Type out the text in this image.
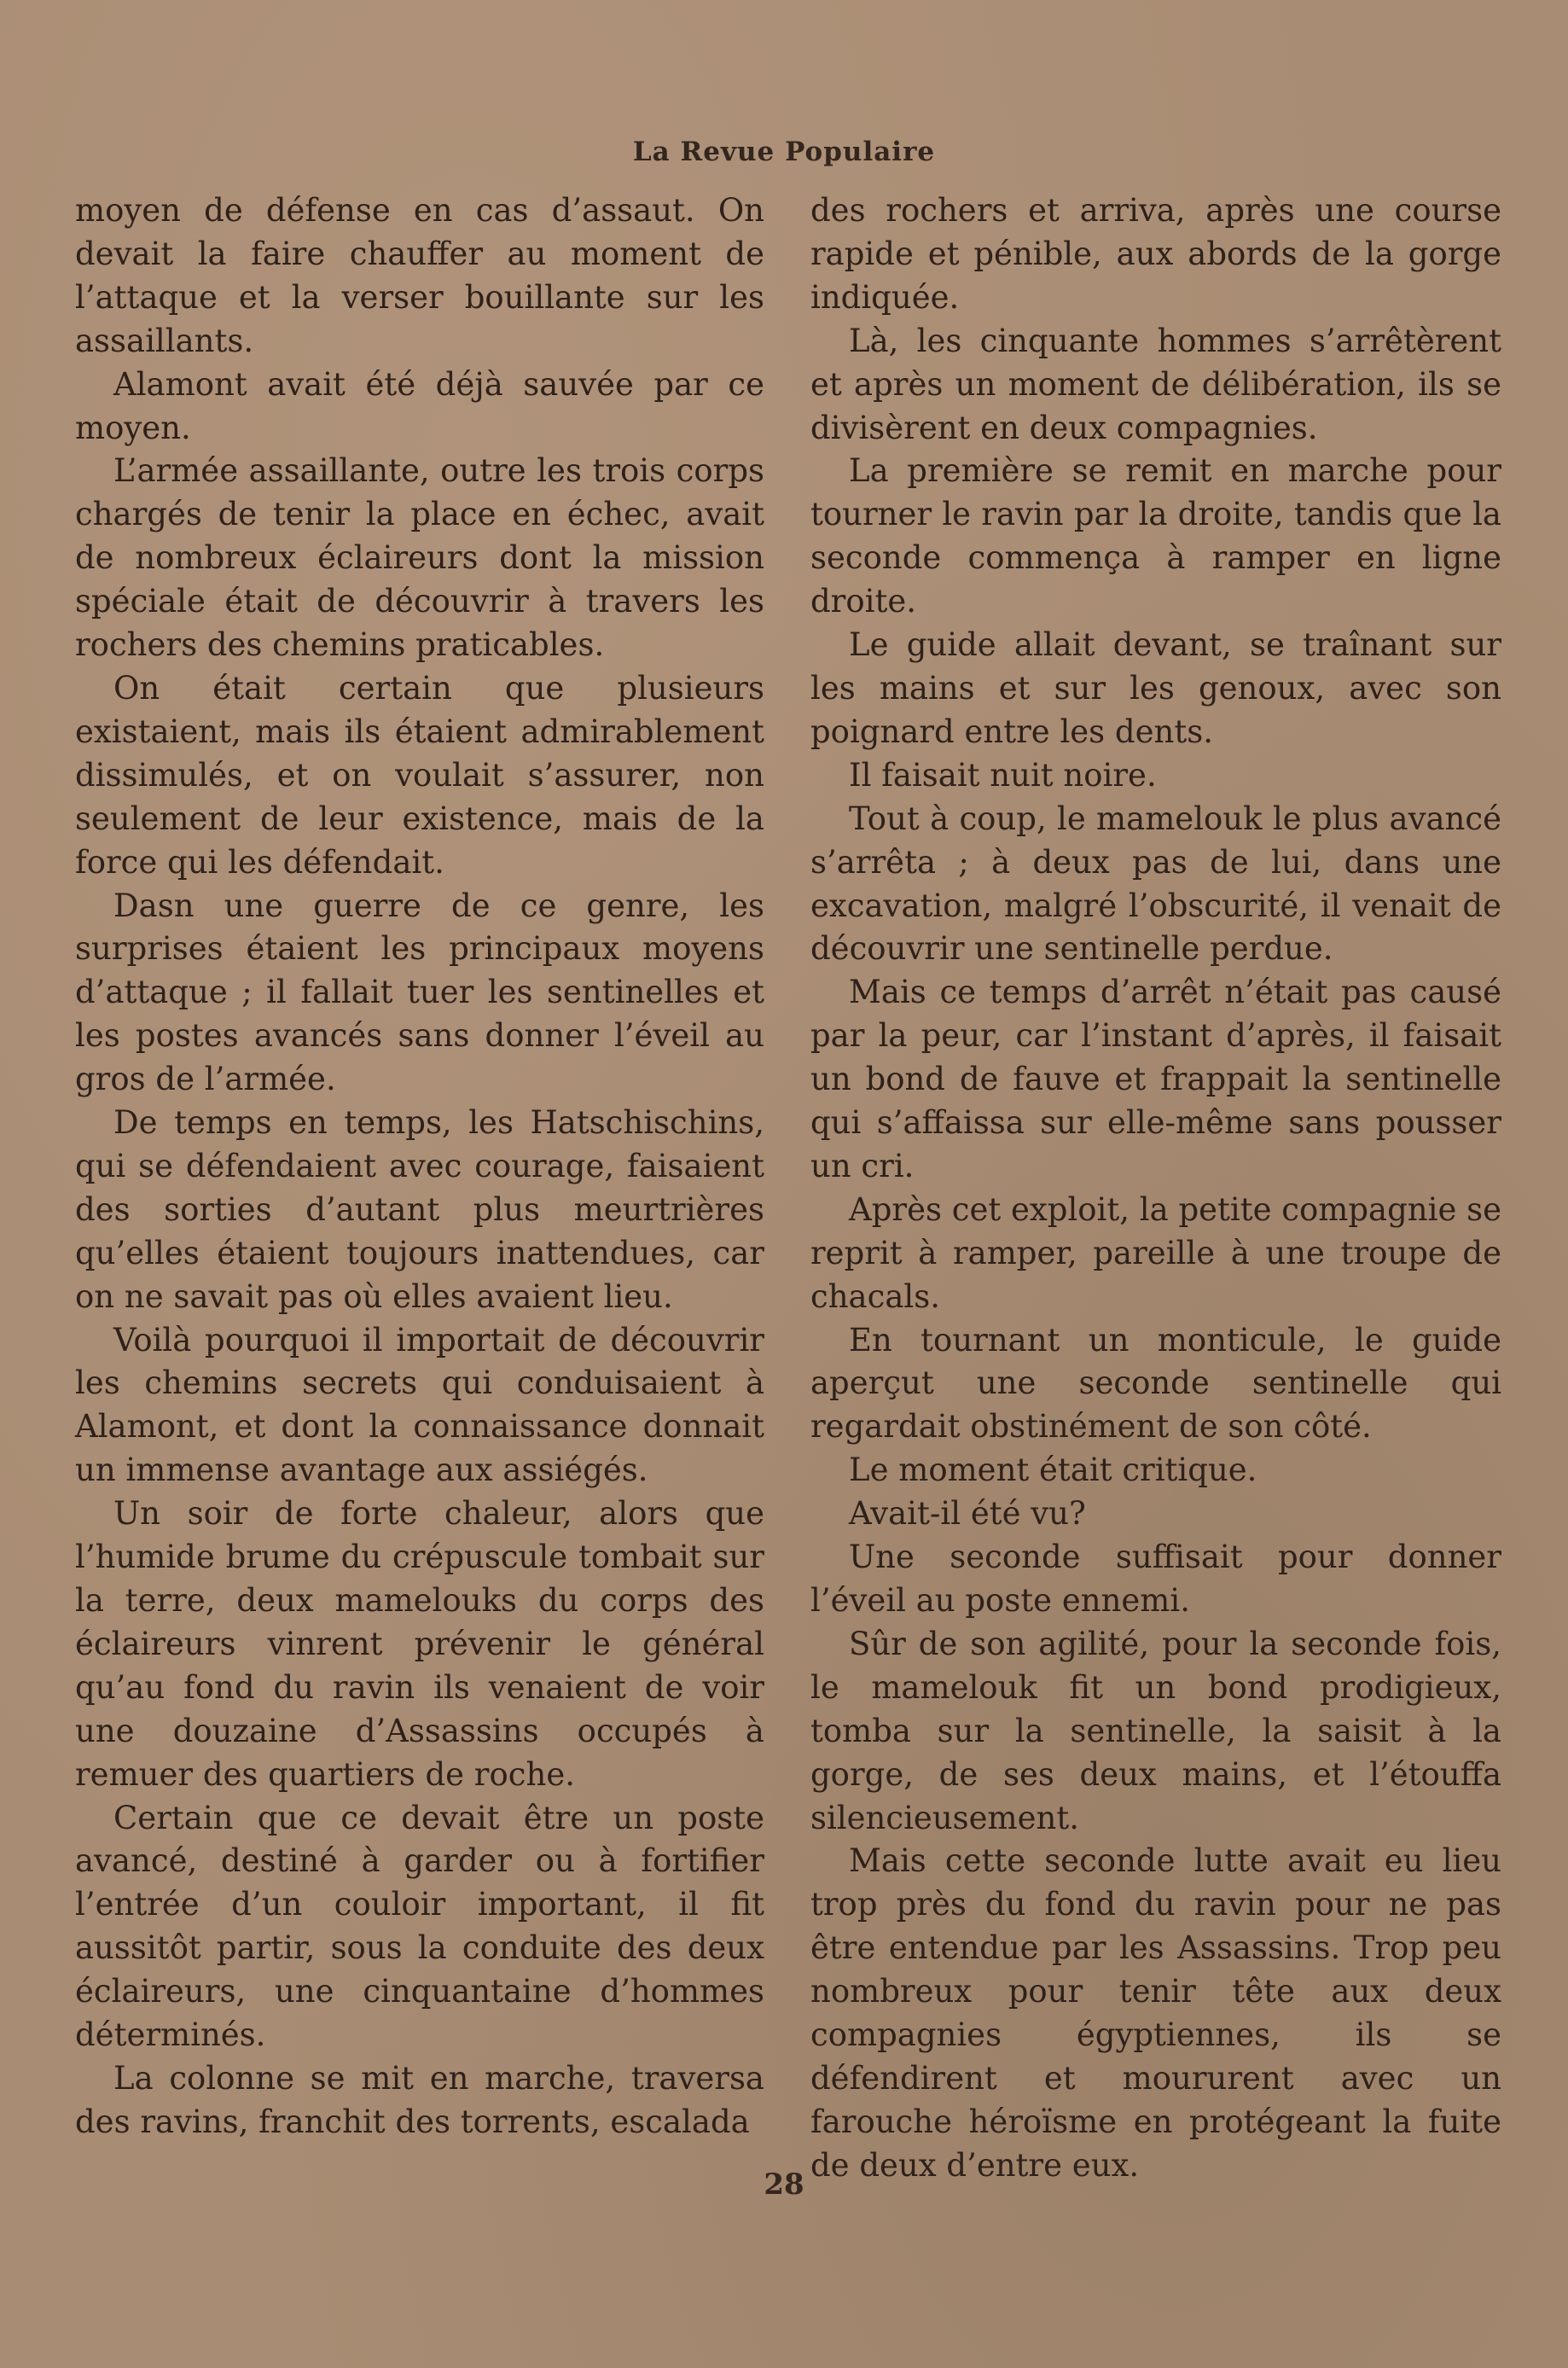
La Revue Populaire

moyen de défense en cas d’assaut. On devait la faire chauffer au moment de l’attaque et la verser bouillante sur les assaillants.

Alamont avait été déjà sauvée par ce moyen.

L’armée assaillante, outre les trois corps chargés de tenir la place en échec, avait de nombreux éclaireurs dont la mission spéciale était de découvrir à travers les rochers des chemins praticables.

On était certain que plusieurs existaient, mais ils étaient admirablement dissimulés, et on voulait s’assurer, non seulement de leur existence, mais de la force qui les défendait.

Dasn une guerre de ce genre, les surprises étaient les principaux moyens d’attaque ; il fallait tuer les sentinelles et les postes avancés sans donner l’éveil au gros de l’armée.

De temps en temps, les Hatschischins, qui se défendaient avec courage, faisaient des sorties d’autant plus meurtrières qu’elles étaient toujours inattendues, car on ne savait pas où elles avaient lieu.

Voilà pourquoi il importait de découvrir les chemins secrets qui conduisaient à Alamont, et dont la connaissance donnait un immense avantage aux assiégés.

Un soir de forte chaleur, alors que l’humide brume du crépuscule tombait sur la terre, deux mamelouks du corps des éclaireurs vinrent prévenir le général qu’au fond du ravin ils venaient de voir une douzaine d’Assassins occupés à remuer des quartiers de roche.

Certain que ce devait être un poste avancé, destiné à garder ou à fortifier l’entrée d’un couloir important, il fit aussitôt partir, sous la conduite des deux éclaireurs, une cinquantaine d’hommes déterminés.

La colonne se mit en marche, traversa des ravins, franchit des torrents, escalada

des rochers et arriva, après une course rapide et pénible, aux abords de la gorge indiquée.

Là, les cinquante hommes s’arrêtèrent et après un moment de délibération, ils se divisèrent en deux compagnies.

La première se remit en marche pour tourner le ravin par la droite, tandis que la seconde commença à ramper en ligne droite.

Le guide allait devant, se traînant sur les mains et sur les genoux, avec son poignard entre les dents.

Il faisait nuit noire.

Tout à coup, le mamelouk le plus avancé s’arrêta ; à deux pas de lui, dans une excavation, malgré l’obscurité, il venait de découvrir une sentinelle perdue.

Mais ce temps d’arrêt n’était pas causé par la peur, car l’instant d’après, il faisait un bond de fauve et frappait la sentinelle qui s’affaissa sur elle-même sans pousser un cri.

Après cet exploit, la petite compagnie se reprit à ramper, pareille à une troupe de chacals.

En tournant un monticule, le guide aperçut une seconde sentinelle qui regardait obstinément de son côté.

Le moment était critique.

Avait-il été vu?

Une seconde suffisait pour donner l’éveil au poste ennemi.

Sûr de son agilité, pour la seconde fois, le mamelouk fit un bond prodigieux, tomba sur la sentinelle, la saisit à la gorge, de ses deux mains, et l’étouffa silencieusement.

Mais cette seconde lutte avait eu lieu trop près du fond du ravin pour ne pas être entendue par les Assassins. Trop peu nombreux pour tenir tête aux deux compagnies égyptiennes, ils se défendirent et moururent avec un farouche héroïsme en protégeant la fuite de deux d’entre eux.

28
